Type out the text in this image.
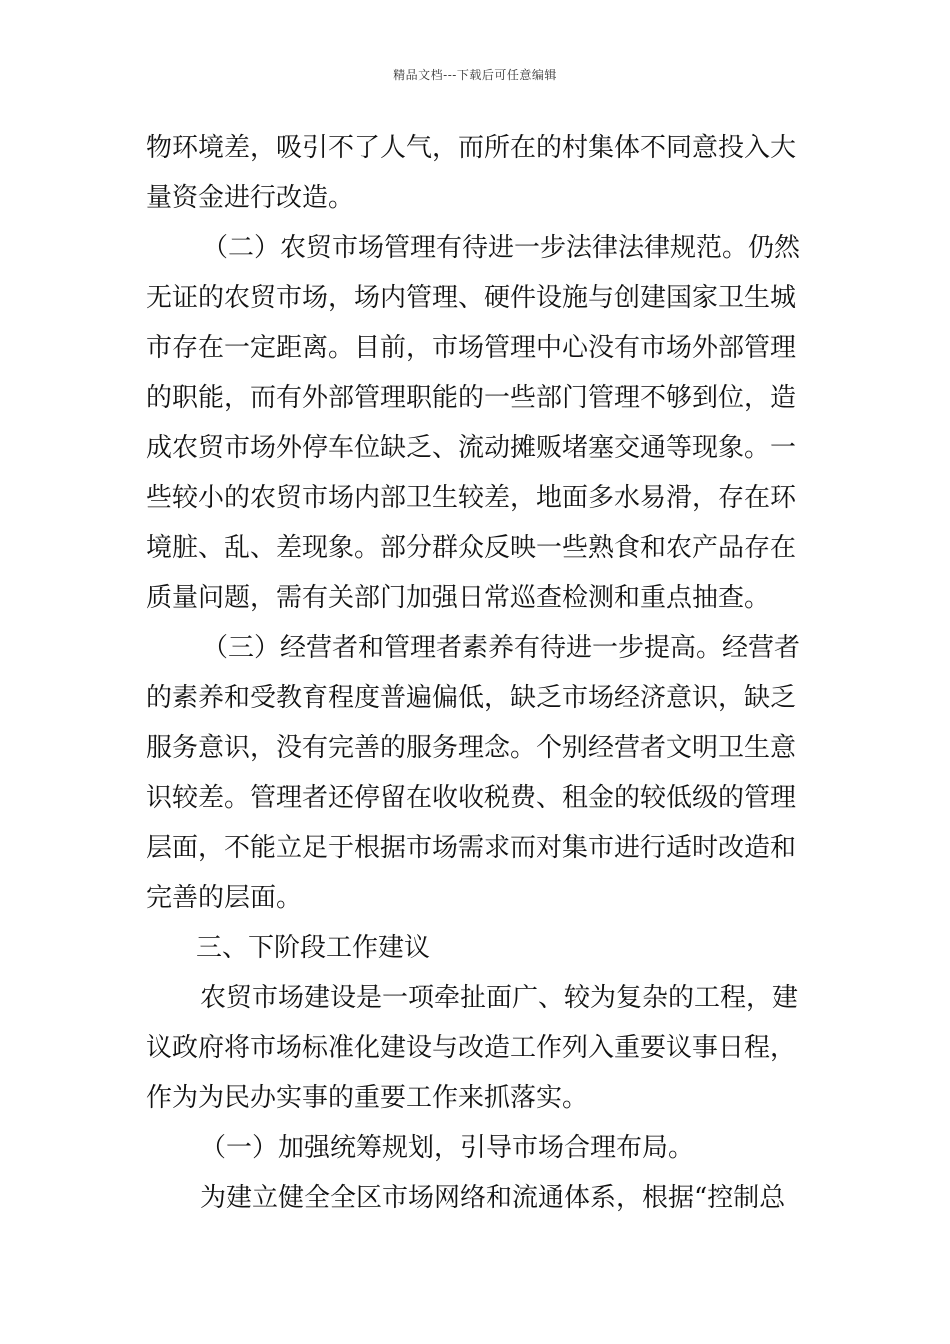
精品文档---下载后可任意编辑
物环境差，吸引不了人气，而所在的村集体不同意投入大
量资金进行改造。
（二）农贸市场管理有待进一步法律法律规范。仍然
无证的农贸市场，场内管理、硬件设施与创建国家卫生城
市存在一定距离。目前，市场管理中心没有市场外部管理
的职能，而有外部管理职能的一些部门管理不够到位，造
成农贸市场外停车位缺乏、流动摊贩堵塞交通等现象。一
些较小的农贸市场内部卫生较差，地面多水易滑，存在环
境脏、乱、差现象。部分群众反映一些熟食和农产品存在
质量问题，需有关部门加强日常巡查检测和重点抽查。
（三）经营者和管理者素养有待进一步提高。经营者
的素养和受教育程度普遍偏低，缺乏市场经济意识，缺乏
服务意识，没有完善的服务理念。个别经营者文明卫生意
识较差。管理者还停留在收收税费、租金的较低级的管理
层面，不能立足于根据市场需求而对集市进行适时改造和
完善的层面。
三、下阶段工作建议
农贸市场建设是一项牵扯面广、较为复杂的工程，建
议政府将市场标准化建设与改造工作列入重要议事日程，
作为为民办实事的重要工作来抓落实。
（一）加强统筹规划，引导市场合理布局。
为建立健全全区市场网络和流通体系，根据“控制总
